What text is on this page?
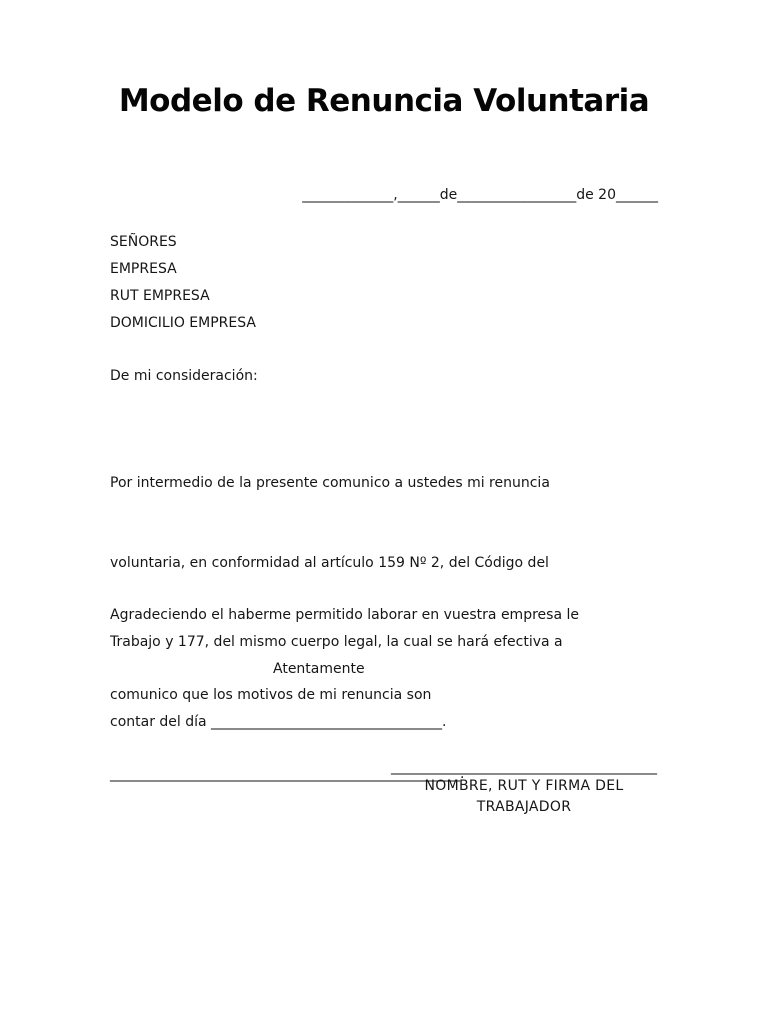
Modelo de Renuncia Voluntaria
_____________,______de_________________de 20______
SEÑORES
EMPRESA
RUT EMPRESA
DOMICILIO EMPRESA
De mi consideración:

Por intermedio de la presente comunico a ustedes mi renuncia

voluntaria, en conformidad al artículo 159 Nº 2, del Código del

Trabajo y 177, del mismo cuerpo legal, la cual se hará efectiva a

contar del día _________________________________.

Agradeciendo el haberme permitido laborar en vuestra empresa le

comunico que los motivos de mi renuncia son

__________________________________________________.

Atentamente
______________________________________
NOMBRE, RUT Y FIRMA DEL
TRABAJADOR
